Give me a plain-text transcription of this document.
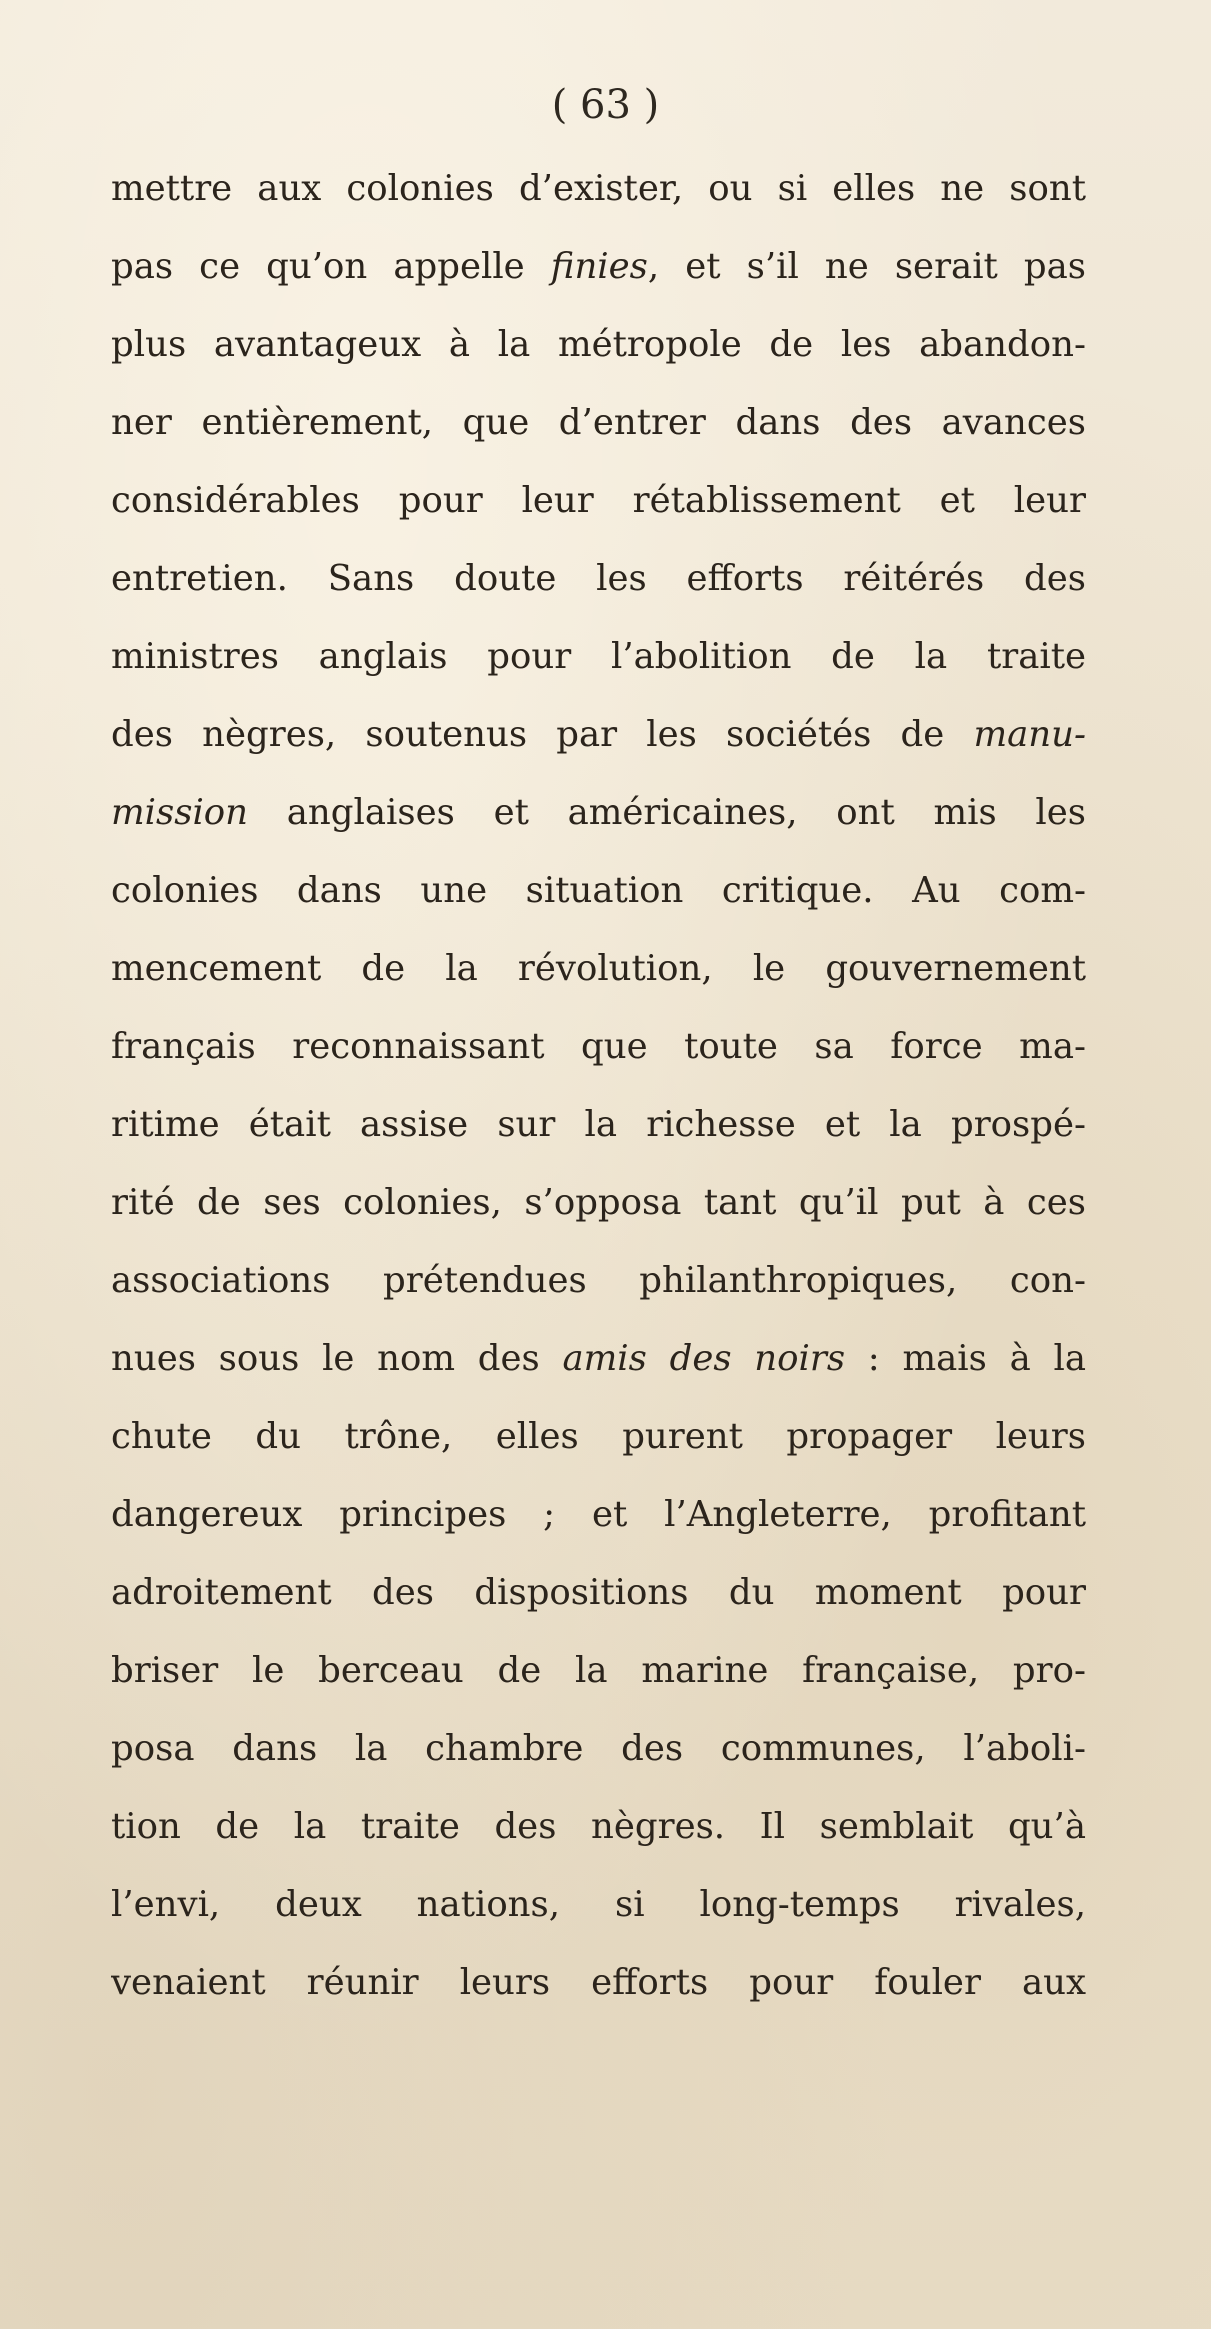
( 63 )
mettre aux colonies d’exister, ou si elles ne sont
pas ce qu’on appelle finies, et s’il ne serait pas
plus avantageux à la métropole de les abandon-
ner entièrement, que d’entrer dans des avances
considérables pour leur rétablissement et leur
entretien. Sans doute les efforts réitérés des
ministres anglais pour l’abolition de la traite
des nègres, soutenus par les sociétés de manu-
mission anglaises et américaines, ont mis les
colonies dans une situation critique. Au com-
mencement de la révolution, le gouvernement
français reconnaissant que toute sa force ma-
ritime était assise sur la richesse et la prospé-
rité de ses colonies, s’opposa tant qu’il put à ces
associations prétendues philanthropiques, con-
nues sous le nom des amis des noirs : mais à la
chute du trône, elles purent propager leurs
dangereux principes ; et l’Angleterre, profitant
adroitement des dispositions du moment pour
briser le berceau de la marine française, pro-
posa dans la chambre des communes, l’aboli-
tion de la traite des nègres. Il semblait qu’à
l’envi, deux nations, si long-temps rivales,
venaient réunir leurs efforts pour fouler aux
